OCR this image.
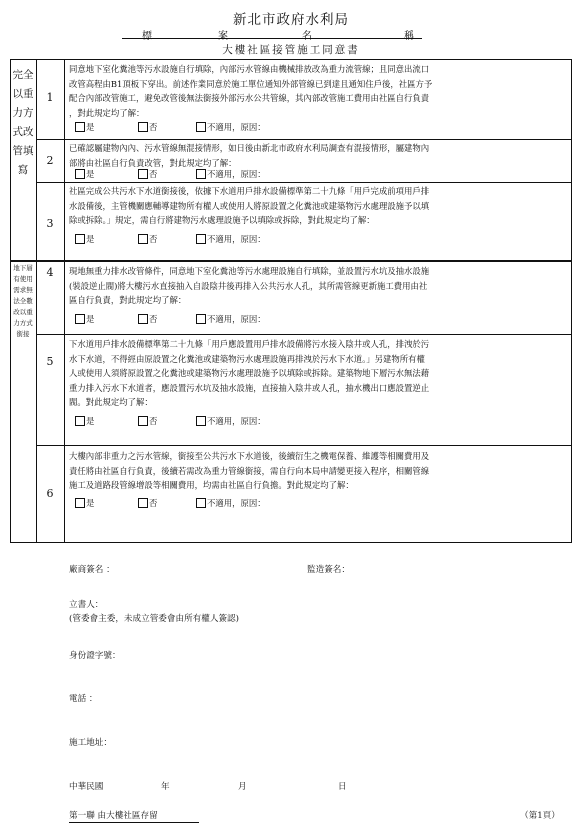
新北市政府水利局
標	案	名	稱
大樓社區接管施工同意書
完全以重力方式改管填寫
地下層有使用需求無法全數改以重力方式銜接
1
同意地下室化糞池等污水設施自行填除，內部污水管線由機械排放改為重力流管線；且同意出流口
改管高程由B1頂板下穿出。前述作業同意於施工單位通知外部管線已到達且通知住戶後，社區方予
配合內部改管施工，避免改管後無法銜接外部污水公共管線，其內部改管施工費用由社區自行負責
，對此規定均了解：
是	否	不適用，原因：
2
已確認屬建物內內、污水管線無混接情形，如日後由新北市政府水利局調查有混接情形，屬建物內
部將由社區自行負責改管，對此規定均了解：
是	否	不適用，原因：
3
社區完成公共污水下水道銜接後，依據下水道用戶排水設備標準第二十九條「用戶完成前項用戶排
水設備後，主管機關應輔導建物所有權人或使用人將原設置之化糞池或建築物污水處理設施予以填
除或拆除。」規定，需自行將建物污水處理設施予以填除或拆除，對此規定均了解：
是	否	不適用，原因：
4	現地無重力排水改管條件，同意地下室化糞池等污水處理設施自行填除，並設置污水坑及抽水設施
(裝設逆止閥)將大樓污水直接抽入自設陰井後再排入公共污水人孔，其所需管線更新施工費用由社
區自行負責，對此規定均了解：
是	否	不適用，原因：
5
下水道用戶排水設備標準第二十九條「用戶應設置用戶排水設備將污水接入陰井或人孔，排洩於污
水下水道，不得經由原設置之化糞池或建築物污水處理設施再排洩於污水下水道。」另建物所有權
人或使用人須將原設置之化糞池或建築物污水處理設施予以填除或拆除。建築物地下層污水無法藉
重力排入污水下水道者，應設置污水坑及抽水設施，直接抽入陰井或人孔，抽水機出口應設置逆止
閥。對此規定均了解：
是	否	不適用，原因：
6
大樓內部非重力之污水管線，銜接至公共污水下水道後，後續衍生之機電保養、維護等相關費用及
責任將由社區自行負責，後續若需改為重力管線銜接，需自行向本局申請變更接入程序，相關管線
施工及道路段管線增設等相關費用，均需由社區自行負擔。對此規定均了解：
是	否	不適用，原因：
廠商簽名 ：	監造簽名：
立書人：
(管委會主委，未成立管委會由所有權人簽認)
身份證字號：
電話 ：
施工地址：
中華民國	年	月	日
第一聯 由大樓社區存留	（第1頁）
